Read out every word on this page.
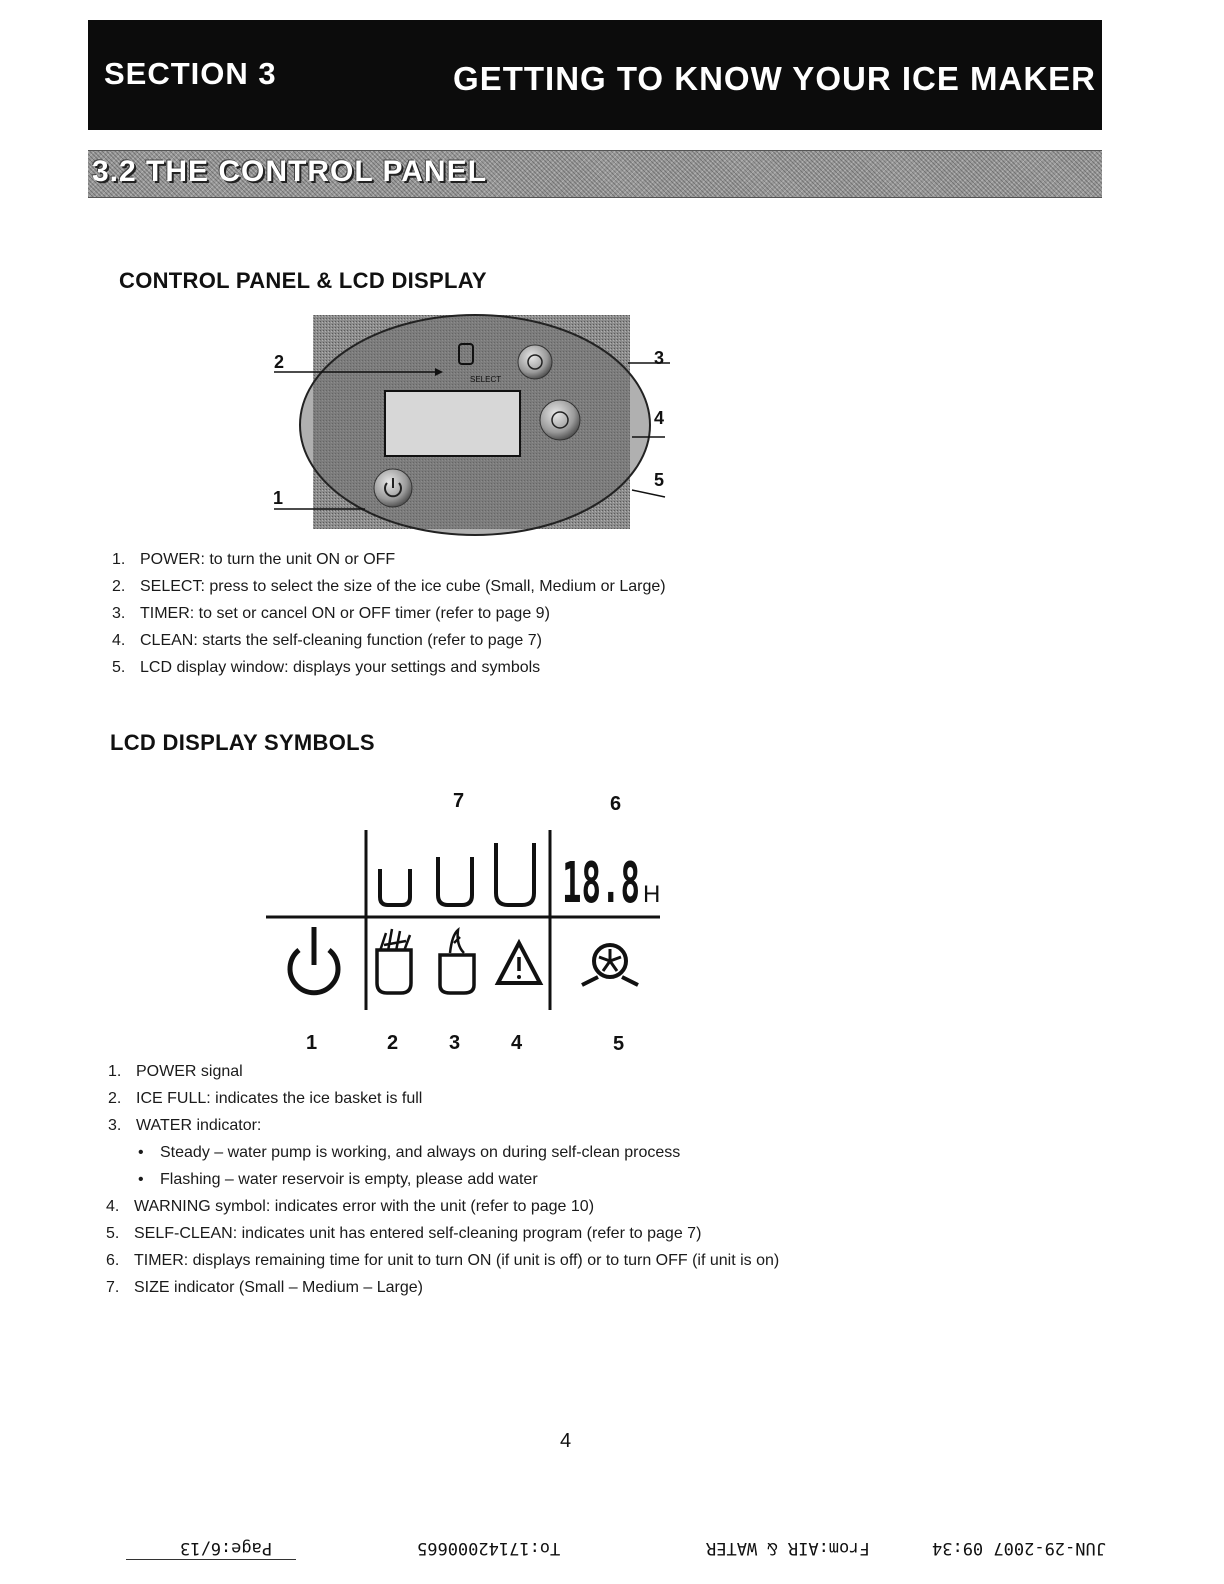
SECTION 3	GETTING TO KNOW YOUR ICE MAKER
3.2 THE CONTROL PANEL
CONTROL PANEL & LCD DISPLAY
SELECT
1
2	3
4
5
1. POWER: to turn the unit ON or OFF
2. SELECT: press to select the size of the ice cube (Small, Medium or Large)
3. TIMER: to set or cancel ON or OFF timer (refer to page 9)
4. CLEAN: starts the self-cleaning function (refer to page 7)
5. LCD display window: displays your settings and symbols
LCD DISPLAY SYMBOLS
7	6
18.8 H
1	2	3	4	5
1. POWER signal
2. ICE FULL: indicates the ice basket is full
3. WATER indicator:
• Steady – water pump is working, and always on during self-clean process
• Flashing – water reservoir is empty, please add water
4. WARNING symbol: indicates error with the unit (refer to page 10)
5. SELF-CLEAN: indicates unit has entered self-cleaning program (refer to page 7)
6. TIMER: displays remaining time for unit to turn ON (if unit is off) or to turn OFF (if unit is on)
7. SIZE indicator (Small – Medium – Large)
4
Page:6/13	To:17142000665	From:AIR & WATER	JUN-29-2007 09:34
